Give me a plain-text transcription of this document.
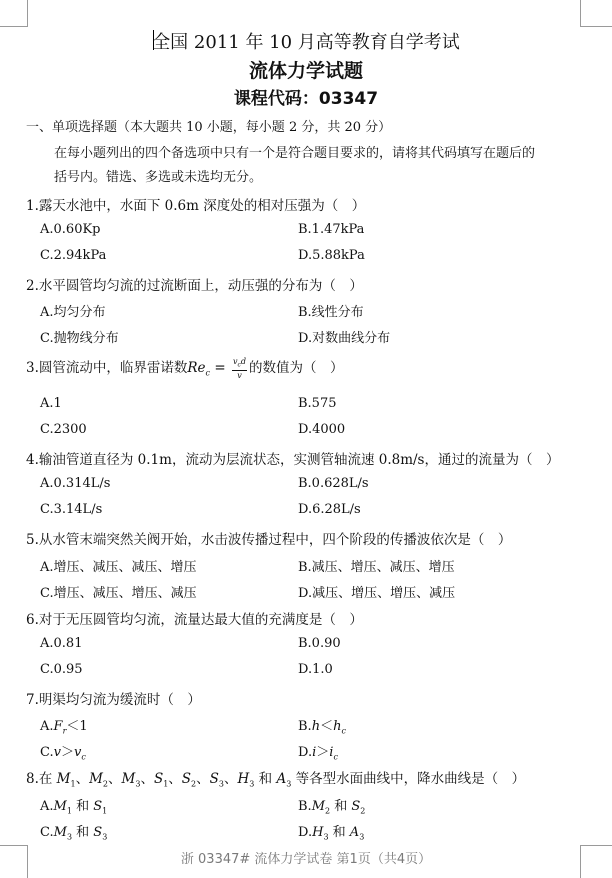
全国 2011 年 10 月高等教育自学考试
流体力学试题
课程代码：03347
一、单项选择题（本大题共 10 小题，每小题 2 分，共 20 分）
在每小题列出的四个备选项中只有一个是符合题目要求的，请将其代码填写在题后的
括号内。错选、多选或未选均无分。
1.露天水池中，水面下 0.6m 深度处的相对压强为（　）
A.0.60Kp	B.1.47kPa
C.2.94kPa	D.5.88kPa
2.水平圆管均匀流的过流断面上，动压强的分布为（　）
A.均匀分布	B.线性分布
C.抛物线分布	D.对数曲线分布
3.圆管流动中，临界雷诺数$Re_c = \frac{v_cd}{v}$ 的数值为（　）
A.1	B.575
C.2300	D.4000
4.输油管道直径为 0.1m，流动为层流状态，实测管轴流速 0.8m/s，通过的流量为（　）
A.0.314L/s	B.0.628L/s
C.3.14L/s	D.6.28L/s
5.从水管末端突然关阀开始，水击波传播过程中，四个阶段的传播波依次是（　）
A.增压、减压、减压、增压	B.减压、增压、减压、增压
C.增压、减压、增压、减压	D.减压、增压、增压、减压
6.对于无压圆管均匀流，流量达最大值的充满度是（　）
A.0.81	B.0.90
C.0.95	D.1.0
7.明渠均匀流为缓流时（　）
$A.F_r<1$	$B.h<h_c$
$C.v>v_c$	$D.i>i_c$
8.在 $M_1$、$M_2$、$M_3$、$S_1$、$S_2$、$S_3$、$H_3$ 和 $A_3$ 等各型水面曲线中，降水曲线是（　）
$A.M_1$ 和 $S_1$	$B.M_2$ 和 $S_2$
$C.M_3$ 和 $S_3$	$D.H_3$ 和 $A_3$
浙 03347# 流体力学试卷 第1页（共4页）
